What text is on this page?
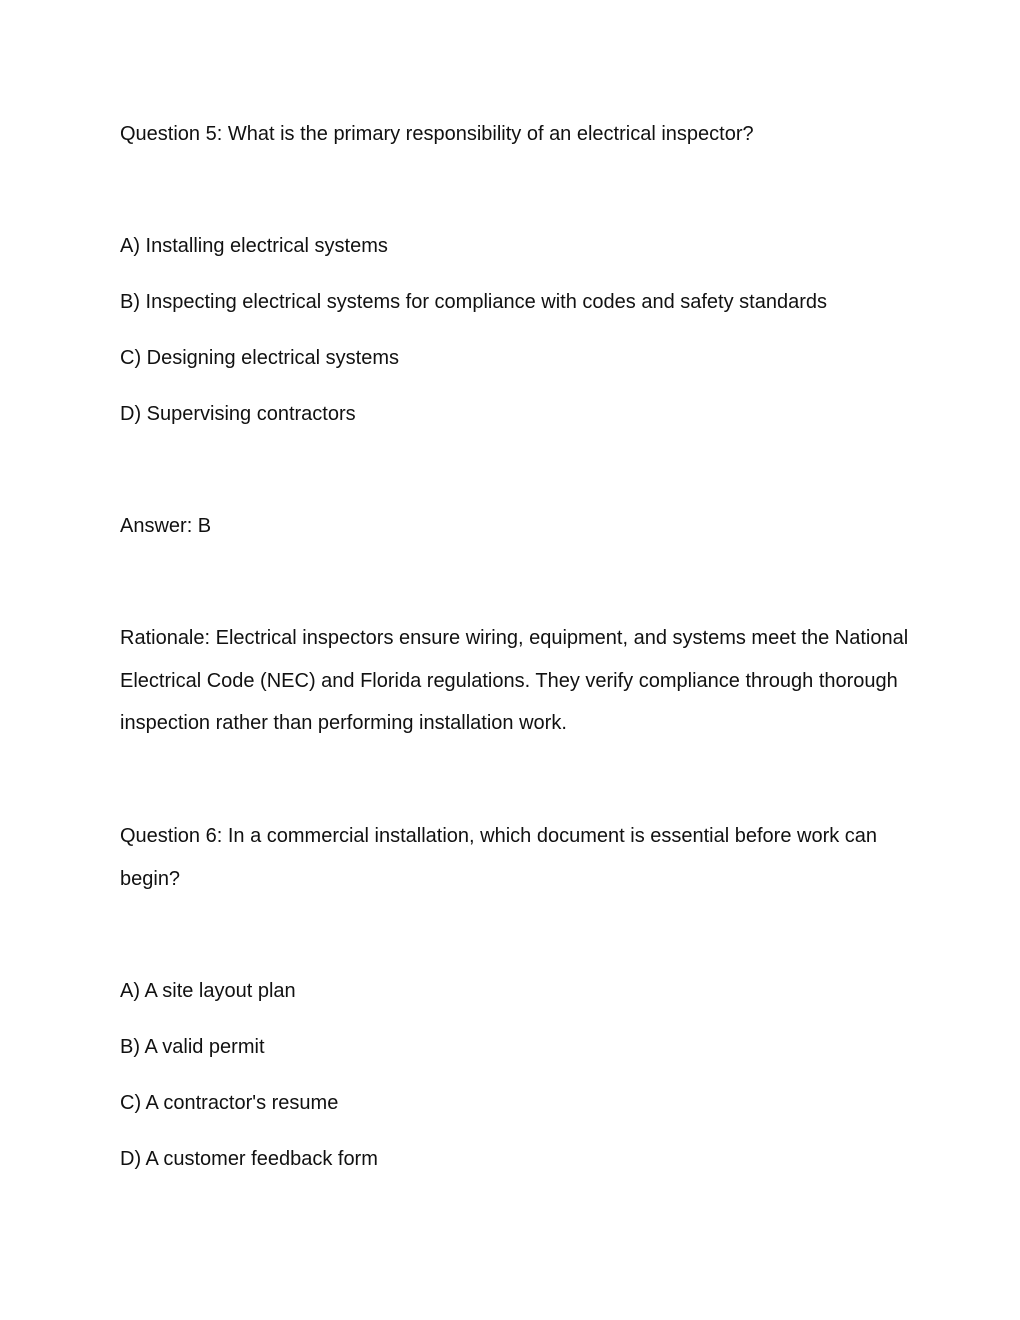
Question 5: What is the primary responsibility of an electrical inspector?

A) Installing electrical systems

B) Inspecting electrical systems for compliance with codes and safety standards

C) Designing electrical systems

D) Supervising contractors

Answer: B

Rationale: Electrical inspectors ensure wiring, equipment, and systems meet the National Electrical Code (NEC) and Florida regulations. They verify compliance through thorough inspection rather than performing installation work.

Question 6: In a commercial installation, which document is essential before work can begin?

A) A site layout plan

B) A valid permit

C) A contractor's resume

D) A customer feedback form
